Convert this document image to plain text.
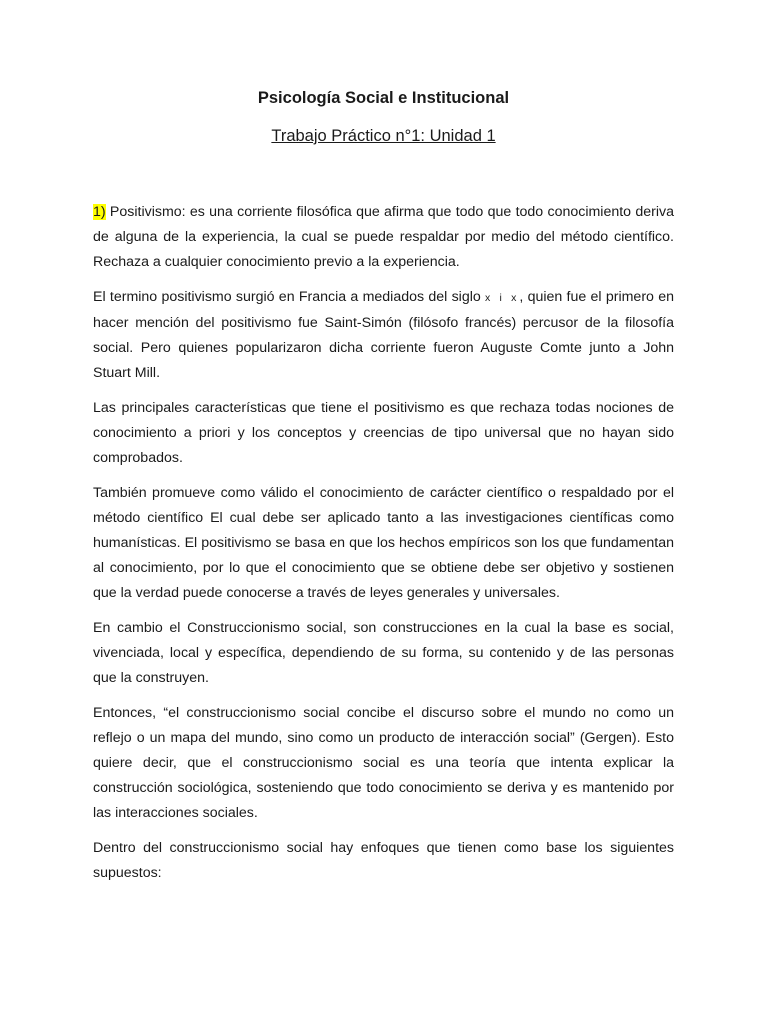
Psicología Social e Institucional
Trabajo Práctico n°1: Unidad 1

1) Positivismo: es una corriente filosófica que afirma que todo que todo conocimiento deriva de alguna de la experiencia, la cual se puede respaldar por medio del método científico. Rechaza a cualquier conocimiento previo a la experiencia.

El termino positivismo surgió en Francia a mediados del siglo x i x, quien fue el primero en hacer mención del positivismo fue Saint-Simón (filósofo francés) percusor de la filosofía social. Pero quienes popularizaron dicha corriente fueron Auguste Comte junto a John Stuart Mill.

Las principales características que tiene el positivismo es que rechaza todas nociones de conocimiento a priori y los conceptos y creencias de tipo universal que no hayan sido comprobados.

También promueve como válido el conocimiento de carácter científico o respaldado por el método científico El cual debe ser aplicado tanto a las investigaciones científicas como humanísticas. El positivismo se basa en que los hechos empíricos son los que fundamentan al conocimiento, por lo que el conocimiento que se obtiene debe ser objetivo y sostienen que la verdad puede conocerse a través de leyes generales y universales.

En cambio el Construccionismo social, son construcciones en la cual la base es social, vivenciada, local y específica, dependiendo de su forma, su contenido y de las personas que la construyen.

Entonces, “el construccionismo social concibe el discurso sobre el mundo no como un reflejo o un mapa del mundo, sino como un producto de interacción social” (Gergen). Esto quiere decir, que el construccionismo social es una teoría que intenta explicar la construcción sociológica, sosteniendo que todo conocimiento se deriva y es mantenido por las interacciones sociales.

Dentro del construccionismo social hay enfoques que tienen como base los siguientes supuestos:
